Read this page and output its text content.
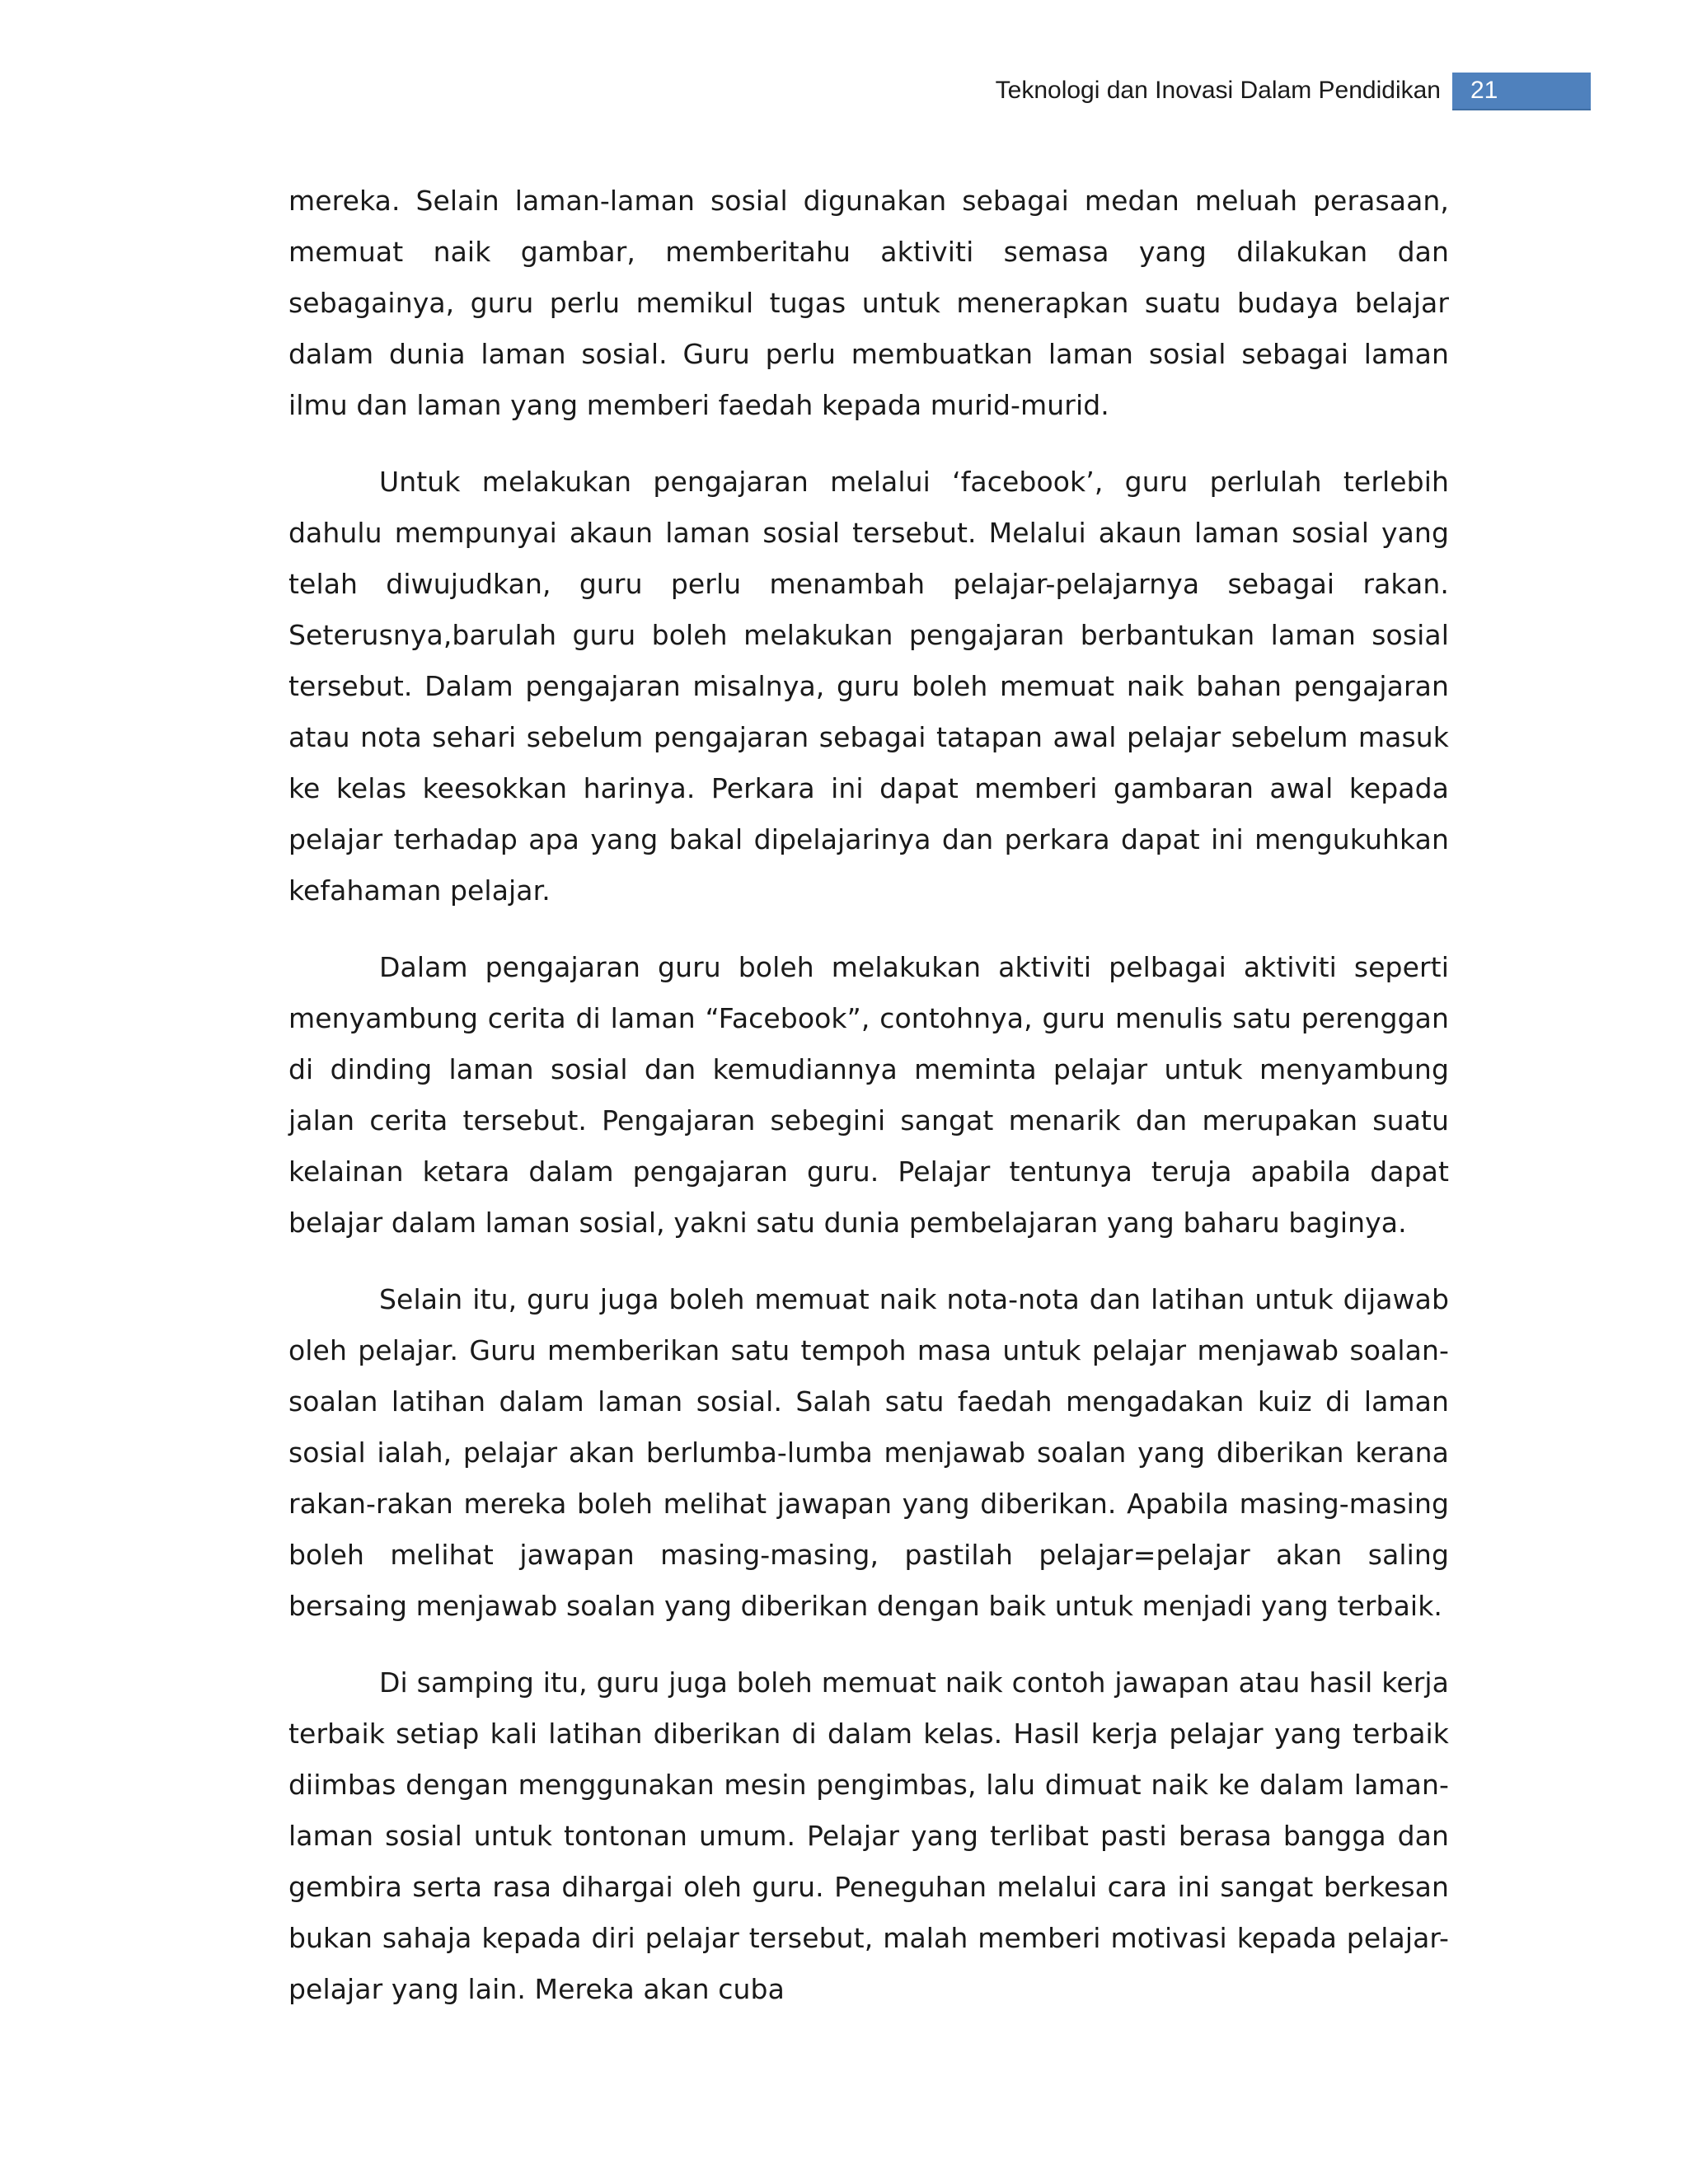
Teknologi dan Inovasi Dalam Pendidikan 21

mereka. Selain laman-laman sosial digunakan sebagai medan meluah perasaan, memuat naik gambar, memberitahu aktiviti semasa yang dilakukan dan sebagainya, guru perlu memikul tugas untuk menerapkan suatu budaya belajar dalam dunia laman sosial. Guru perlu membuatkan laman sosial sebagai laman ilmu dan laman yang memberi faedah kepada murid-murid.

Untuk melakukan pengajaran melalui ‘facebook’, guru perlulah terlebih dahulu mempunyai akaun laman sosial tersebut. Melalui akaun laman sosial yang telah diwujudkan, guru perlu menambah pelajar-pelajarnya sebagai rakan. Seterusnya,barulah guru boleh melakukan pengajaran berbantukan laman sosial tersebut. Dalam pengajaran misalnya, guru boleh memuat naik bahan pengajaran atau nota sehari sebelum pengajaran sebagai tatapan awal pelajar sebelum masuk ke kelas keesokkan harinya. Perkara ini dapat memberi gambaran awal kepada pelajar terhadap apa yang bakal dipelajarinya dan perkara dapat ini mengukuhkan kefahaman pelajar.

Dalam pengajaran guru boleh melakukan aktiviti pelbagai aktiviti seperti menyambung cerita di laman “Facebook”, contohnya, guru menulis satu perenggan di dinding laman sosial dan kemudiannya meminta pelajar untuk menyambung jalan cerita tersebut. Pengajaran sebegini sangat menarik dan merupakan suatu kelainan ketara dalam pengajaran guru. Pelajar tentunya teruja apabila dapat belajar dalam laman sosial, yakni satu dunia pembelajaran yang baharu baginya.

Selain itu, guru juga boleh memuat naik nota-nota dan latihan untuk dijawab oleh pelajar. Guru memberikan satu tempoh masa untuk pelajar menjawab soalan-soalan latihan dalam laman sosial. Salah satu faedah mengadakan kuiz di laman sosial ialah, pelajar akan berlumba-lumba menjawab soalan yang diberikan kerana rakan-rakan mereka boleh melihat jawapan yang diberikan. Apabila masing-masing boleh melihat jawapan masing-masing, pastilah pelajar=pelajar akan saling bersaing menjawab soalan yang diberikan dengan baik untuk menjadi yang terbaik.

Di samping itu, guru juga boleh memuat naik contoh jawapan atau hasil kerja terbaik setiap kali latihan diberikan di dalam kelas. Hasil kerja pelajar yang terbaik diimbas dengan menggunakan mesin pengimbas, lalu dimuat naik ke dalam laman-laman sosial untuk tontonan umum. Pelajar yang terlibat pasti berasa bangga dan gembira serta rasa dihargai oleh guru. Peneguhan melalui cara ini sangat berkesan bukan sahaja kepada diri pelajar tersebut, malah memberi motivasi kepada pelajar-pelajar yang lain. Mereka akan cuba
